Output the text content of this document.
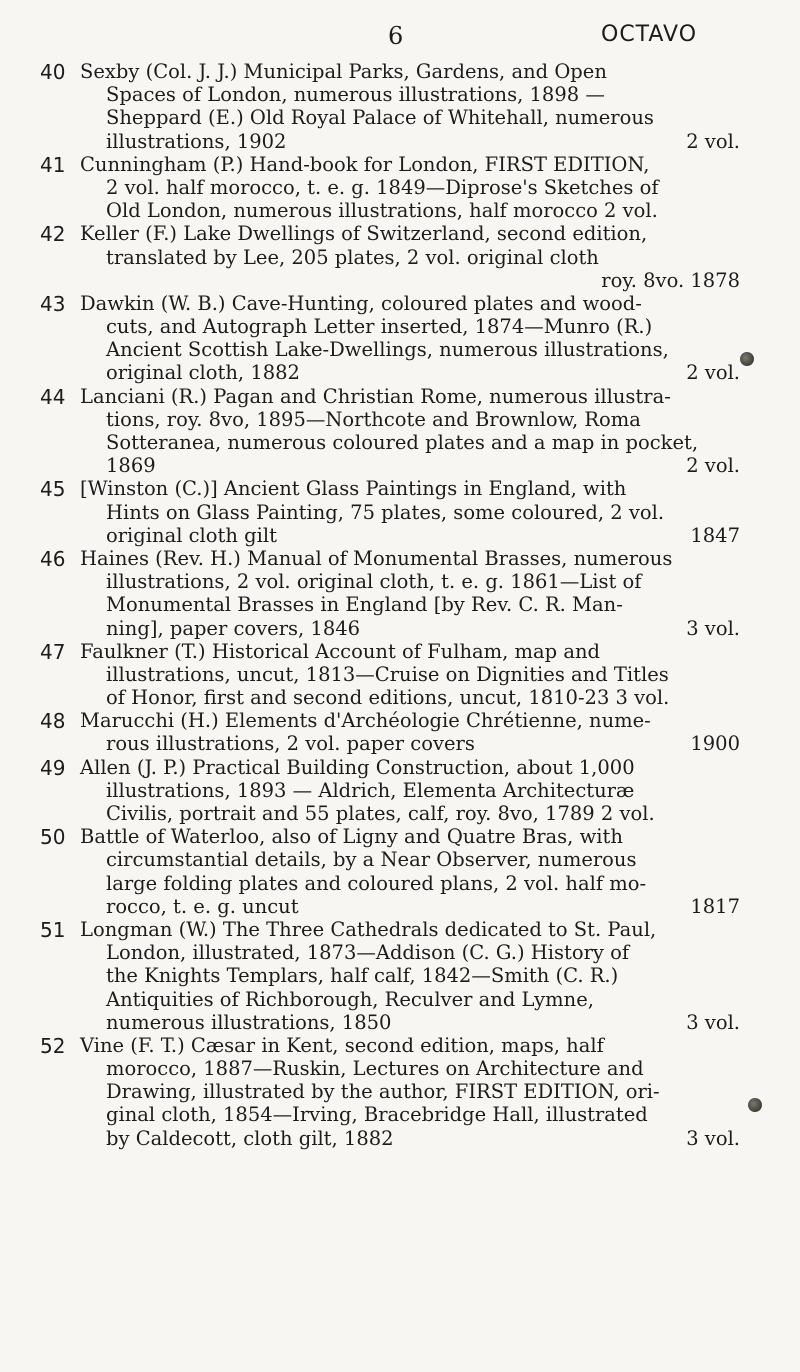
6	OCTAVO
40 Sexby (Col. J. J.) Municipal Parks, Gardens, and Open
Spaces of London, numerous illustrations, 1898 —
Sheppard (E.) Old Royal Palace of Whitehall, numerous
illustrations, 1902	2 vol.
41 Cunningham (P.) Hand-book for London, FIRST EDITION,
2 vol. half morocco, t. e. g. 1849—Diprose's Sketches of
Old London, numerous illustrations, half morocco 2 vol.
42 Keller (F.) Lake Dwellings of Switzerland, second edition,
translated by Lee, 205 plates, 2 vol. original cloth
roy. 8vo. 1878
43 Dawkin (W. B.) Cave-Hunting, coloured plates and wood-
cuts, and Autograph Letter inserted, 1874—Munro (R.)
Ancient Scottish Lake-Dwellings, numerous illustrations,
original cloth, 1882	2 vol.
44 Lanciani (R.) Pagan and Christian Rome, numerous illustra-
tions, roy. 8vo, 1895—Northcote and Brownlow, Roma
Sotteranea, numerous coloured plates and a map in pocket,
1869	2 vol.
45 [Winston (C.)] Ancient Glass Paintings in England, with
Hints on Glass Painting, 75 plates, some coloured, 2 vol.
original cloth gilt	1847
46 Haines (Rev. H.) Manual of Monumental Brasses, numerous
illustrations, 2 vol. original cloth, t. e. g. 1861—List of
Monumental Brasses in England [by Rev. C. R. Man-
ning], paper covers, 1846	3 vol.
47 Faulkner (T.) Historical Account of Fulham, map and
illustrations, uncut, 1813—Cruise on Dignities and Titles
of Honor, first and second editions, uncut, 1810-23 3 vol.
48 Marucchi (H.) Elements d'Archéologie Chrétienne, nume-
rous illustrations, 2 vol. paper covers	1900
49 Allen (J. P.) Practical Building Construction, about 1,000
illustrations, 1893 — Aldrich, Elementa Architecturæ
Civilis, portrait and 55 plates, calf, roy. 8vo, 1789 2 vol.
50 Battle of Waterloo, also of Ligny and Quatre Bras, with
circumstantial details, by a Near Observer, numerous
large folding plates and coloured plans, 2 vol. half mo-
rocco, t. e. g. uncut	1817
51 Longman (W.) The Three Cathedrals dedicated to St. Paul,
London, illustrated, 1873—Addison (C. G.) History of
the Knights Templars, half calf, 1842—Smith (C. R.)
Antiquities of Richborough, Reculver and Lymne,
numerous illustrations, 1850	3 vol.
52 Vine (F. T.) Cæsar in Kent, second edition, maps, half
morocco, 1887—Ruskin, Lectures on Architecture and
Drawing, illustrated by the author, FIRST EDITION, ori-
ginal cloth, 1854—Irving, Bracebridge Hall, illustrated
by Caldecott, cloth gilt, 1882	3 vol.
